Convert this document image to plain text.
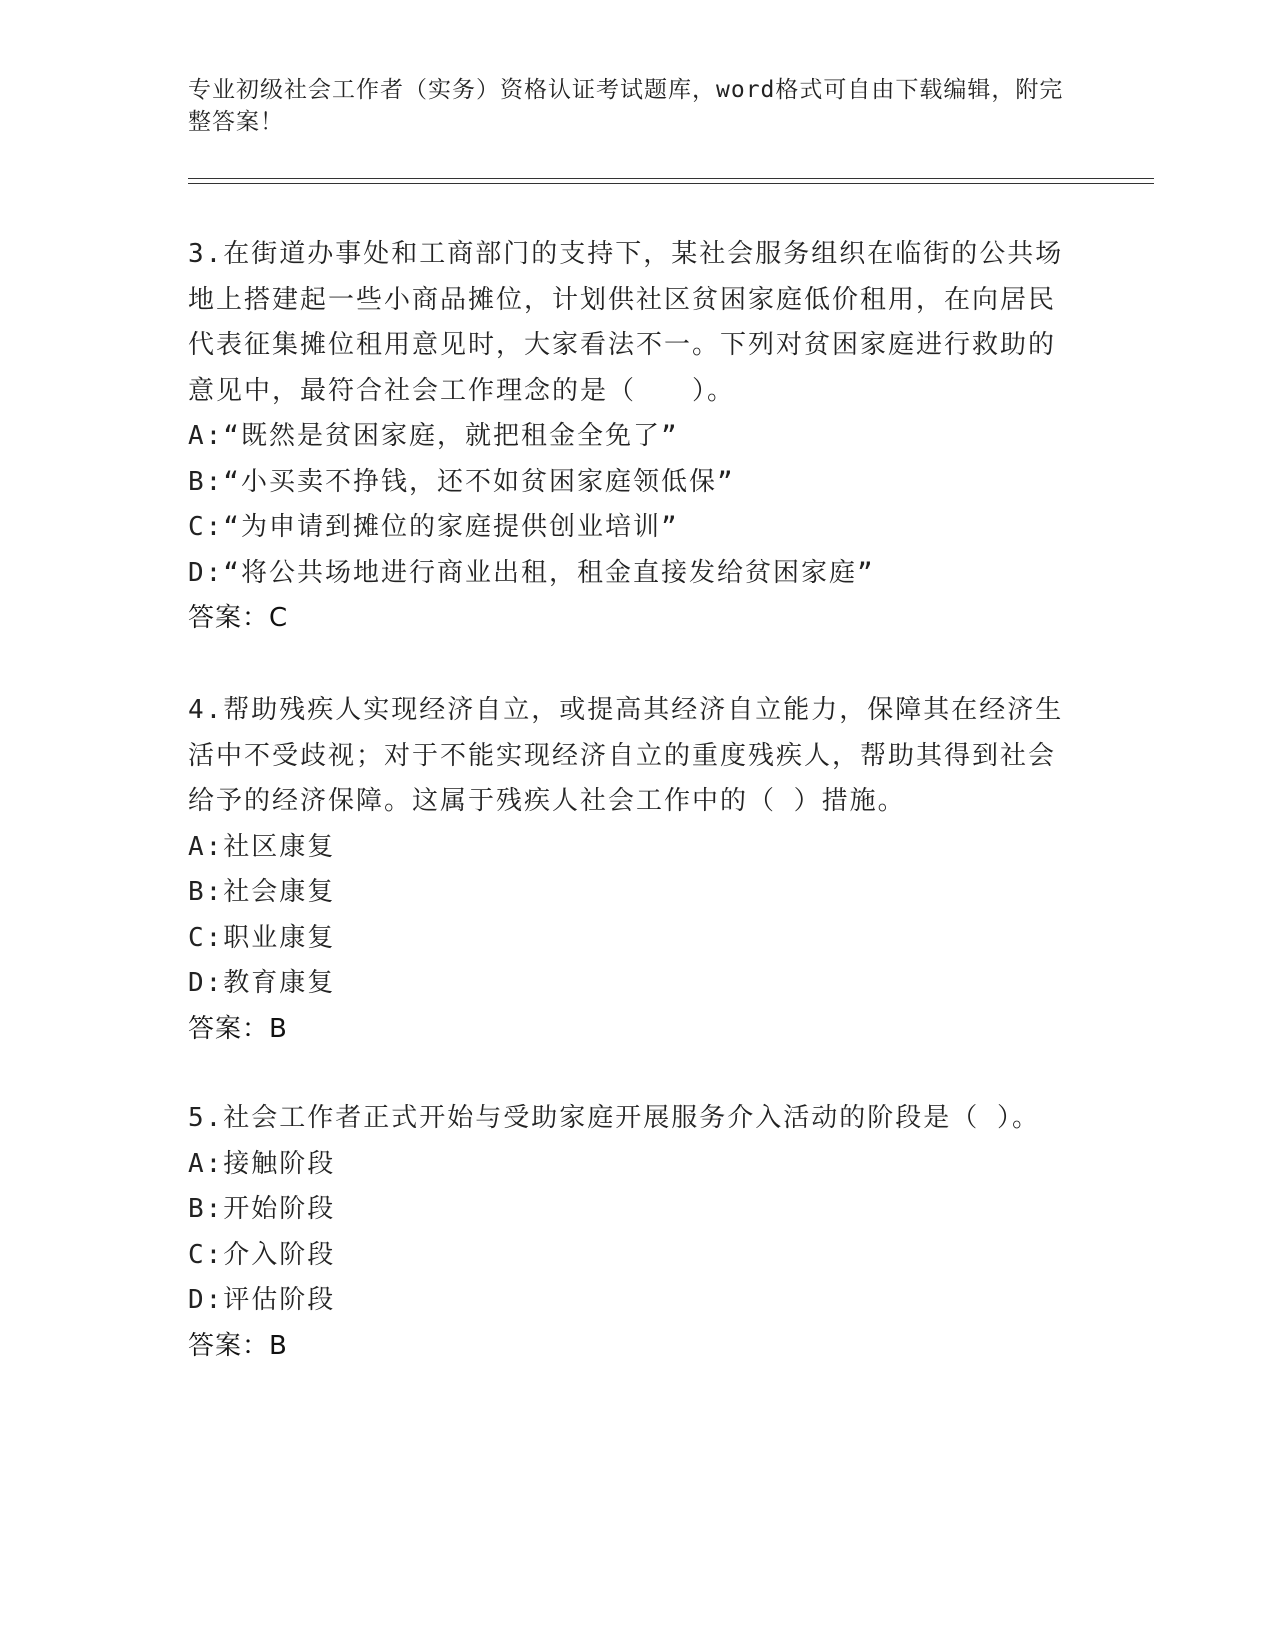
专业初级社会工作者（实务）资格认证考试题库，word格式可自由下载编辑，附完整答案！

3.在街道办事处和工商部门的支持下，某社会服务组织在临街的公共场地上搭建起一些小商品摊位，计划供社区贫困家庭低价租用，在向居民代表征集摊位租用意见时，大家看法不一。下列对贫困家庭进行救助的意见中，最符合社会工作理念的是（　　）。

A:“既然是贫困家庭，就把租金全免了”

B:“小买卖不挣钱，还不如贫困家庭领低保”

C:“为申请到摊位的家庭提供创业培训”

D:“将公共场地进行商业出租，租金直接发给贫困家庭”

答案：C

4.帮助残疾人实现经济自立，或提高其经济自立能力，保障其在经济生活中不受歧视；对于不能实现经济自立的重度残疾人，帮助其得到社会给予的经济保障。这属于残疾人社会工作中的（ ）措施。

A:社区康复

B:社会康复

C:职业康复

D:教育康复

答案：B

5.社会工作者正式开始与受助家庭开展服务介入活动的阶段是（ ）。

A:接触阶段

B:开始阶段

C:介入阶段

D:评估阶段

答案：B
